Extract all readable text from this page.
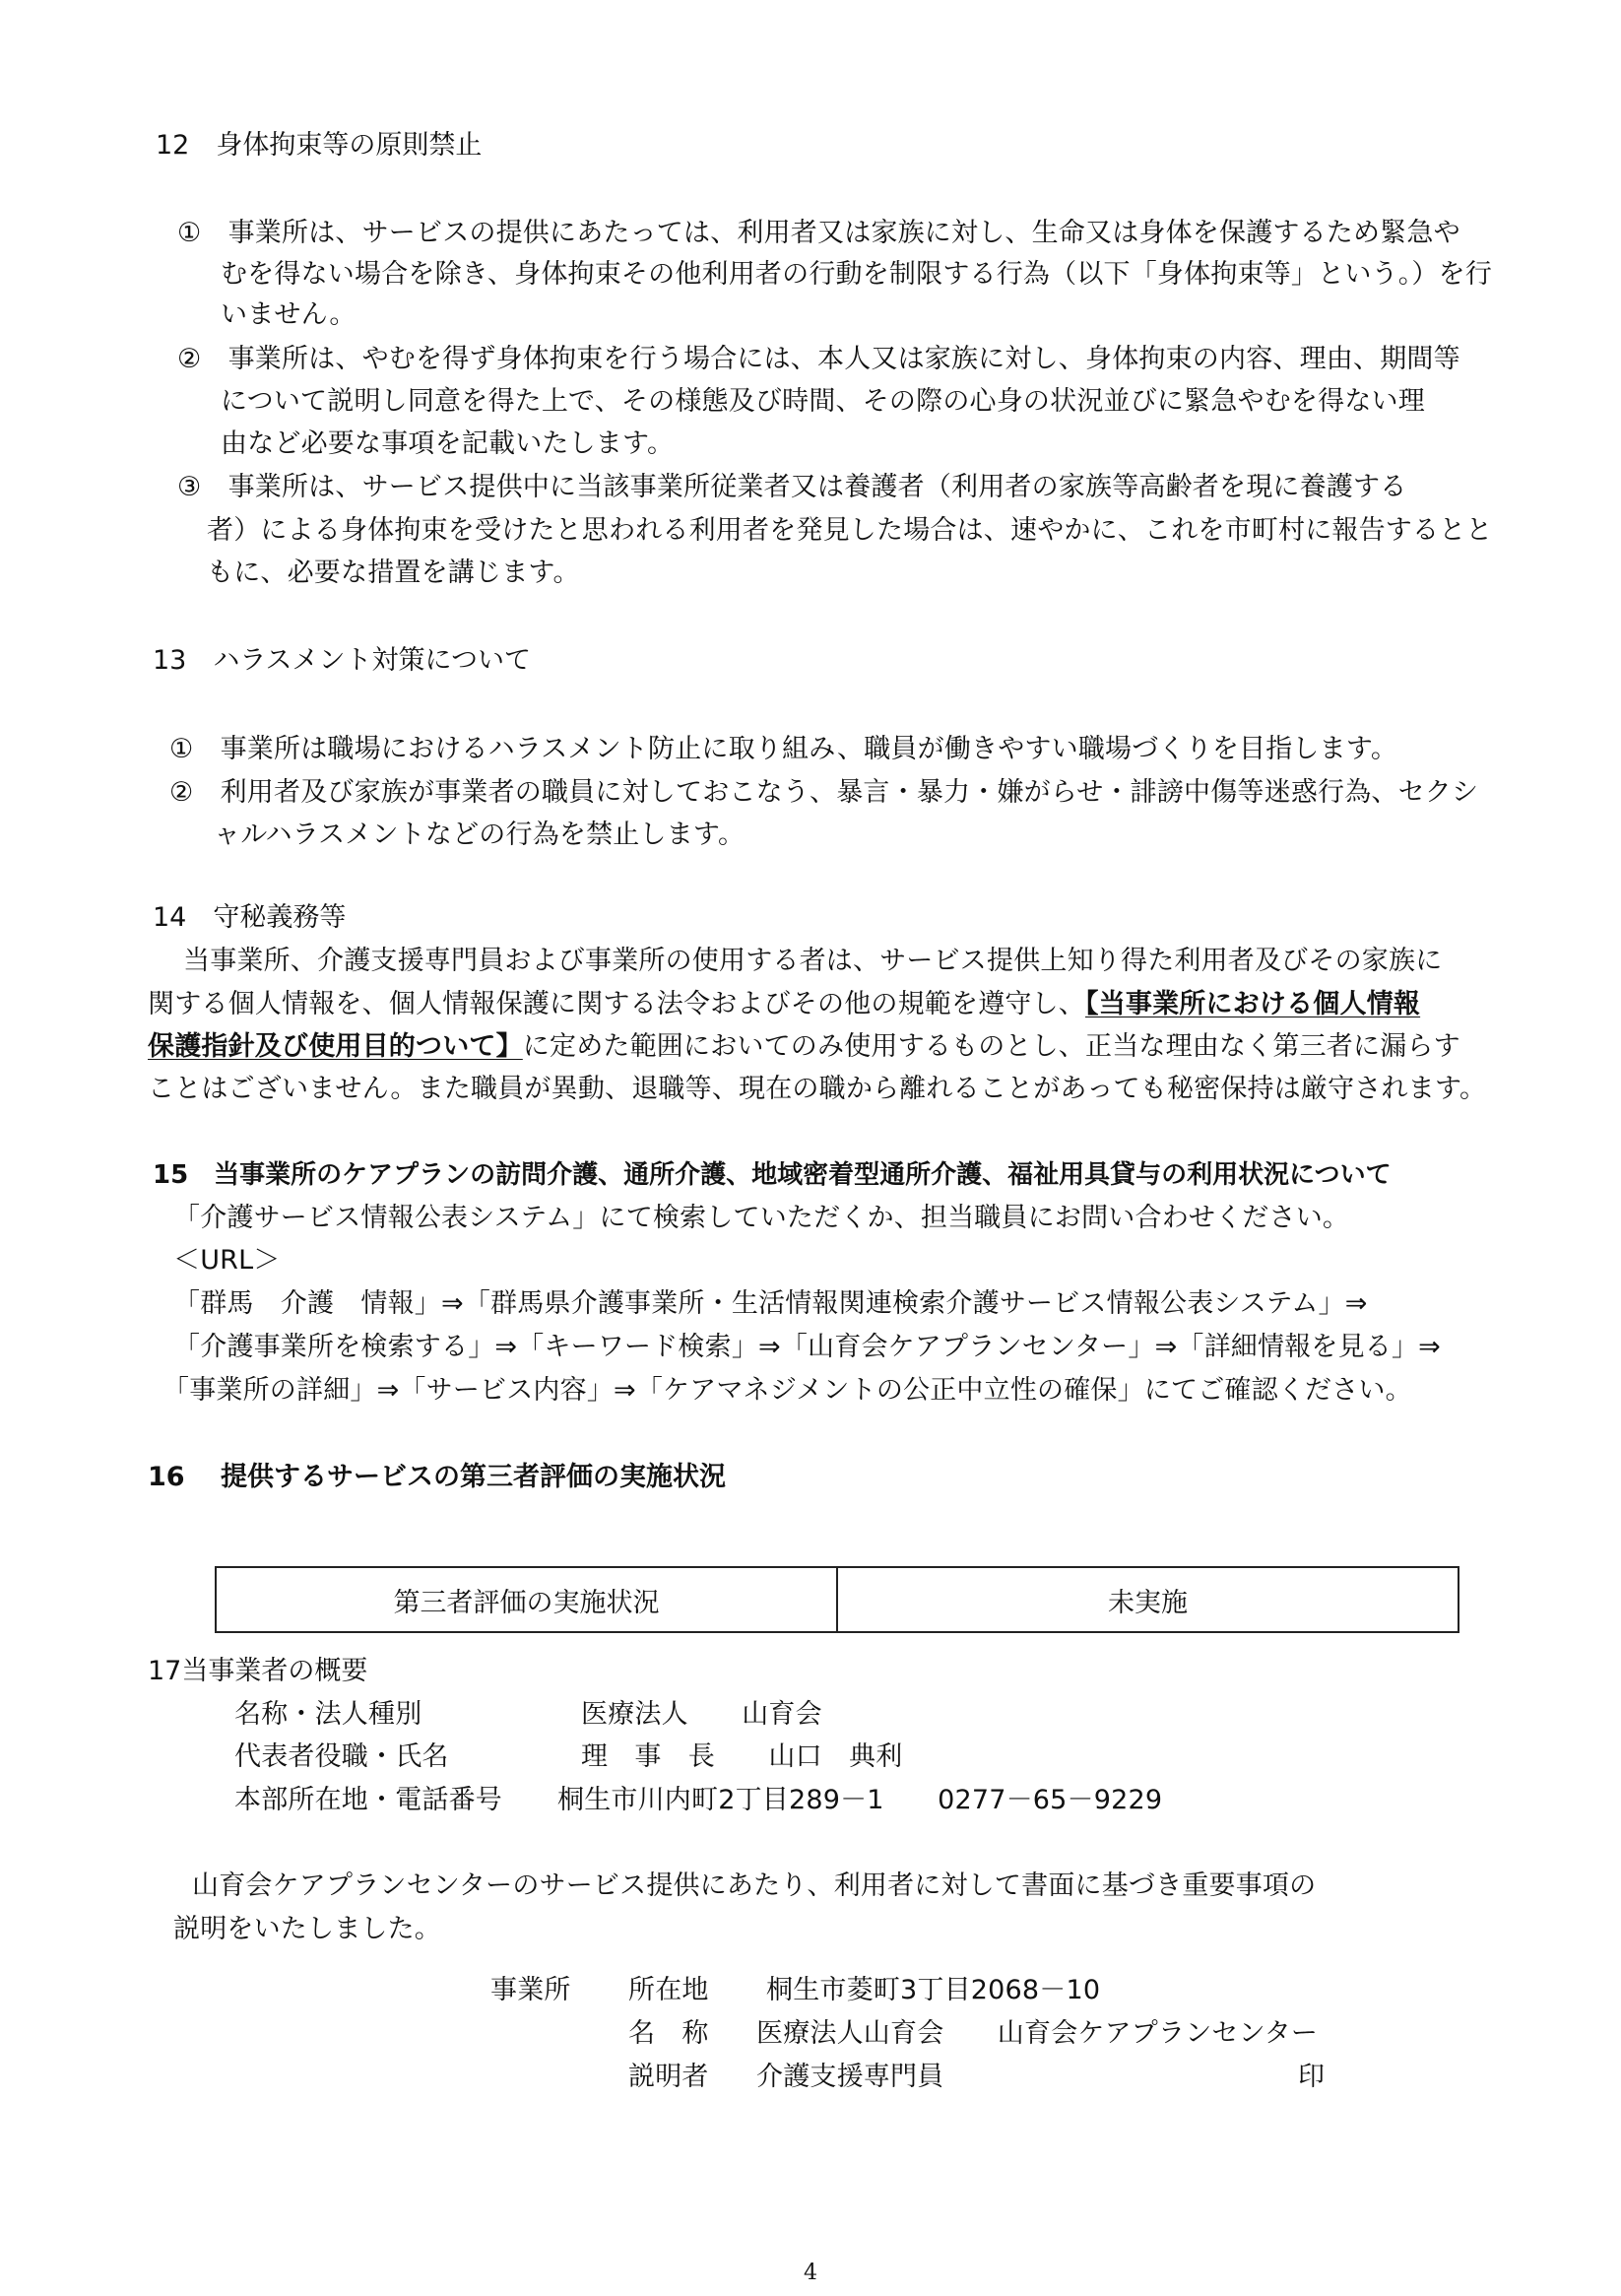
12　身体拘束等の原則禁止
①　事業所は、サービスの提供にあたっては、利用者又は家族に対し、生命又は身体を保護するため緊急や
むを得ない場合を除き、身体拘束その他利用者の行動を制限する行為（以下「身体拘束等」という。）を行
いません。
②　事業所は、やむを得ず身体拘束を行う場合には、本人又は家族に対し、身体拘束の内容、理由、期間等
について説明し同意を得た上で、その様態及び時間、その際の心身の状況並びに緊急やむを得ない理
由など必要な事項を記載いたします。
③　事業所は、サービス提供中に当該事業所従業者又は養護者（利用者の家族等高齢者を現に養護する
者）による身体拘束を受けたと思われる利用者を発見した場合は、速やかに、これを市町村に報告するとと
もに、必要な措置を講じます。
13　ハラスメント対策について
①　事業所は職場におけるハラスメント防止に取り組み、職員が働きやすい職場づくりを目指します。
②　利用者及び家族が事業者の職員に対しておこなう、暴言・暴力・嫌がらせ・誹謗中傷等迷惑行為、セクシ
ャルハラスメントなどの行為を禁止します。
14　守秘義務等
当事業所、介護支援専門員および事業所の使用する者は、サービス提供上知り得た利用者及びその家族に
関する個人情報を、個人情報保護に関する法令およびその他の規範を遵守し、【当事業所における個人情報
保護指針及び使用目的ついて】に定めた範囲においてのみ使用するものとし、正当な理由なく第三者に漏らす
ことはございません。また職員が異動、退職等、現在の職から離れることがあっても秘密保持は厳守されます。
15　当事業所のケアプランの訪問介護、通所介護、地域密着型通所介護、福祉用具貸与の利用状況について
「介護サービス情報公表システム」にて検索していただくか、担当職員にお問い合わせください。
＜URL＞
「群馬　介護　情報」⇒「群馬県介護事業所・生活情報関連検索介護サービス情報公表システム」⇒
「介護事業所を検索する」⇒「キーワード検索」⇒「山育会ケアプランセンター」⇒「詳細情報を見る」⇒
「事業所の詳細」⇒「サービス内容」⇒「ケアマネジメントの公正中立性の確保」にてご確認ください。
16　 提供するサービスの第三者評価の実施状況
第三者評価の実施状況	未実施
17当事業者の概要
名称・法人種別	医療法人　　山育会
代表者役職・氏名	理　事　長　　山口　典利
本部所在地・電話番号 桐生市川内町2丁目289－1　　0277－65－9229
山育会ケアプランセンターのサービス提供にあたり、利用者に対して書面に基づき重要事項の
説明をいたしました。
事業所 所在地 桐生市菱町3丁目2068－10
名　称 医療法人山育会　　山育会ケアプランセンター
説明者 介護支援専門員	印
4
